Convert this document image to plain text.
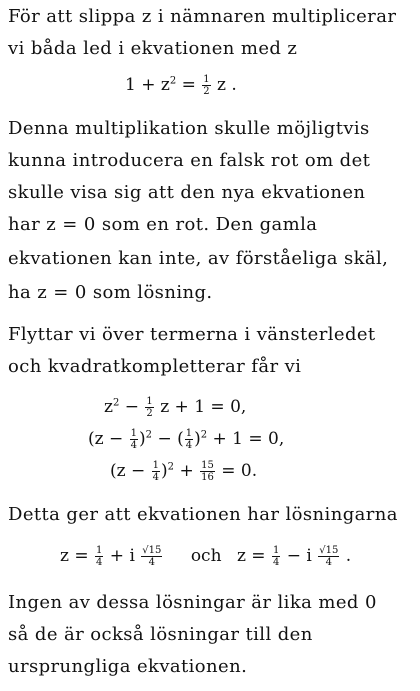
För att slippa z i nämnaren multiplicerar
vi båda led i ekvationen med z
$1 + z^2 = \frac{1}{2}$ z .
Denna multiplikation skulle möjligtvis
kunna introducera en falsk rot om det
skulle visa sig att den nya ekvationen
har z = 0 som en rot. Den gamla
ekvationen kan inte, av förståeliga skäl,
ha z = 0 som lösning.
Flyttar vi över termerna i vänsterledet
och kvadratkompletterar får vi
$z^2 - \frac{1}{2}$ z + 1 = 0,
$(z - \frac{1}{4} )^2$ − ( $\frac{1}{4} )^2 + 1 = 0$,
$(z - \frac{1}{4} )^2 + \frac{15}{16} = 0$.
Detta ger att ekvationen har lösningarna
$z = \frac{1}{4} + i \frac{√15}{4}$ och $z = \frac{1}{4} - i \frac{√15}{4}$ .
Ingen av dessa lösningar är lika med 0
så de är också lösningar till den
ursprungliga ekvationen.
